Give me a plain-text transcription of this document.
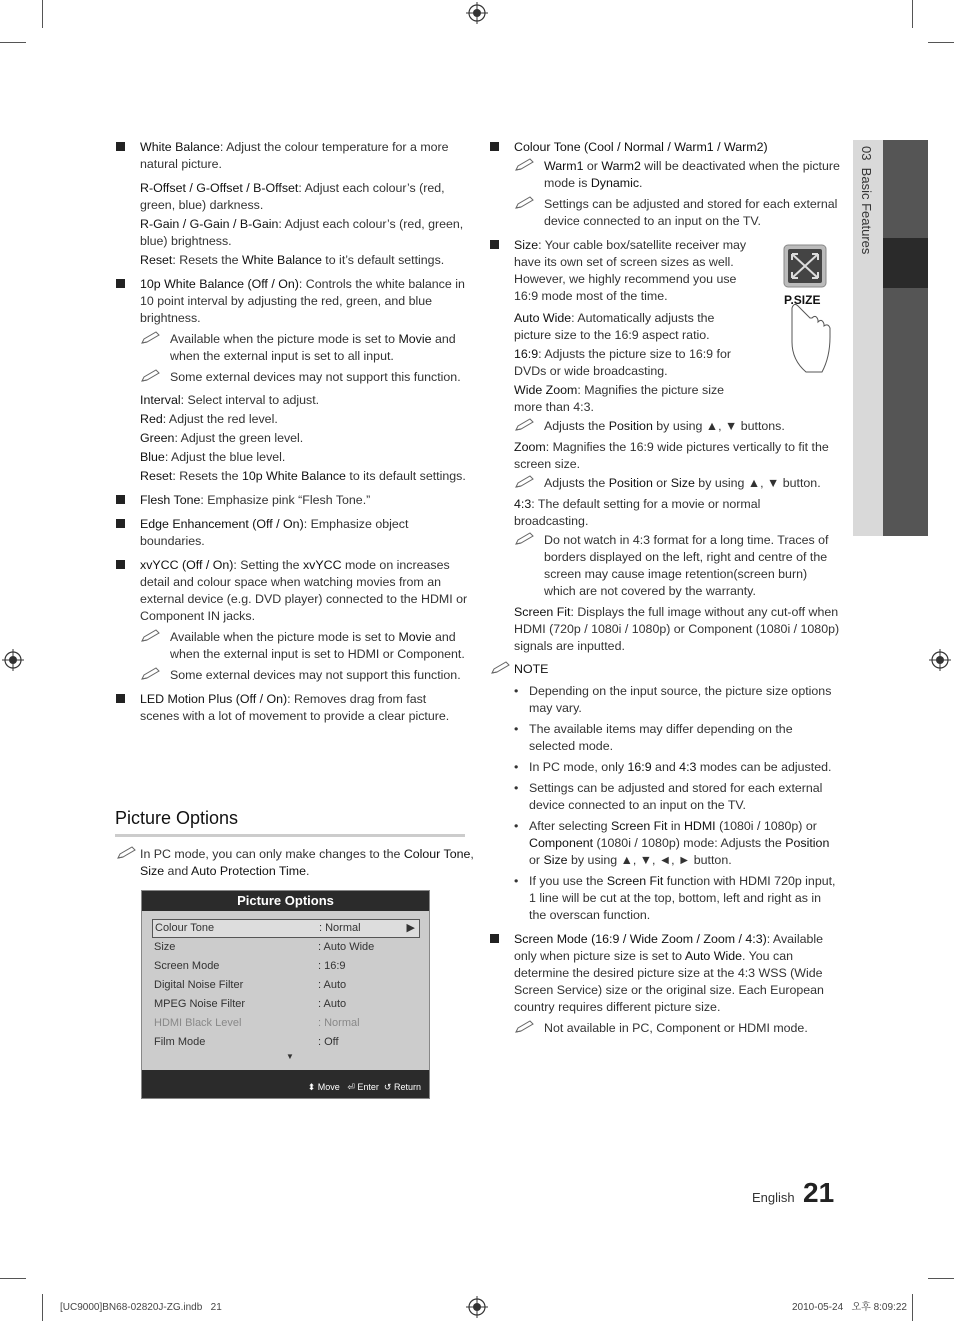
03  Basic Features
White Balance: Adjust the colour temperature for a more natural picture.
R-Offset / G-Offset / B-Offset: Adjust each colour’s (red, green, blue) darkness.
R-Gain / G-Gain / B-Gain: Adjust each colour’s (red, green, blue) brightness.
Reset: Resets the White Balance to it’s default settings.
10p White Balance (Off / On): Controls the white balance in 10 point interval by adjusting the red, green, and blue brightness.
Available when the picture mode is set to Movie and when the external input is set to all input.
Some external devices may not support this function.
Interval: Select interval to adjust.
Red: Adjust the red level.
Green: Adjust the green level.
Blue: Adjust the blue level.
Reset: Resets the 10p White Balance to its default settings.
Flesh Tone: Emphasize pink “Flesh Tone.”
Edge Enhancement (Off / On): Emphasize object boundaries.
xvYCC (Off / On): Setting the xvYCC mode on increases detail and colour space when watching movies from an external device (e.g. DVD player) connected to the HDMI or Component IN jacks.
Available when the picture mode is set to Movie and when the external input is set to HDMI or Component.
Some external devices may not support this function.
LED Motion Plus (Off / On): Removes drag from fast scenes with a lot of movement to provide a clear picture.
Picture Options
In PC mode, you can only make changes to the Colour Tone, Size and Auto Protection Time.
Picture Options
Colour Tone	: Normal	▶
Size	: Auto Wide
Screen Mode	: 16:9
Digital Noise Filter	: Auto
MPEG Noise Filter	: Auto
HDMI Black Level	: Normal
Film Mode	: Off
▼
⬍ Move ⏎ Enter ↺ Return
Colour Tone (Cool / Normal / Warm1 / Warm2)
Warm1 or Warm2 will be deactivated when the picture mode is Dynamic.
Settings can be adjusted and stored for each external device connected to an input on the TV.
Size: Your cable box/satellite receiver may have its own set of screen sizes as well. However, we highly recommend you use 16:9 mode most of the time.
Auto Wide: Automatically adjusts the picture size to the 16:9 aspect ratio.
16:9: Adjusts the picture size to 16:9 for DVDs or wide broadcasting.
Wide Zoom: Magnifies the picture size more than 4:3.
Adjusts the Position by using ▲, ▼ buttons.
Zoom: Magnifies the 16:9 wide pictures vertically to fit the screen size.
Adjusts the Position or Size by using ▲, ▼ button.
4:3: The default setting for a movie or normal broadcasting.
Do not watch in 4:3 format for a long time. Traces of borders displayed on the left, right and centre of the screen may cause image retention(screen burn) which are not covered by the warranty.
Screen Fit: Displays the full image without any cut-off when HDMI (720p / 1080i / 1080p) or Component (1080i / 1080p) signals are inputted.
NOTE
• Depending on the input source, the picture size options may vary.
• The available items may differ depending on the selected mode.
• In PC mode, only 16:9 and 4:3 modes can be adjusted.
• Settings can be adjusted and stored for each external device connected to an input on the TV.
• After selecting Screen Fit in HDMI (1080i / 1080p) or Component (1080i / 1080p) mode: Adjusts the Position or Size by using ▲, ▼, ◄, ► button.
• If you use the Screen Fit function with HDMI 720p input, 1 line will be cut at the top, bottom, left and right as in the overscan function.
Screen Mode (16:9 / Wide Zoom / Zoom / 4:3): Available only when picture size is set to Auto Wide. You can determine the desired picture size at the 4:3 WSS (Wide Screen Service) size or the original size. Each European country requires different picture size.
Not available in PC, Component or HDMI mode.
P.SIZE
English 21
[UC9000]BN68-02820J-ZG.indb   21	2010-05-24   오후 8:09:22
